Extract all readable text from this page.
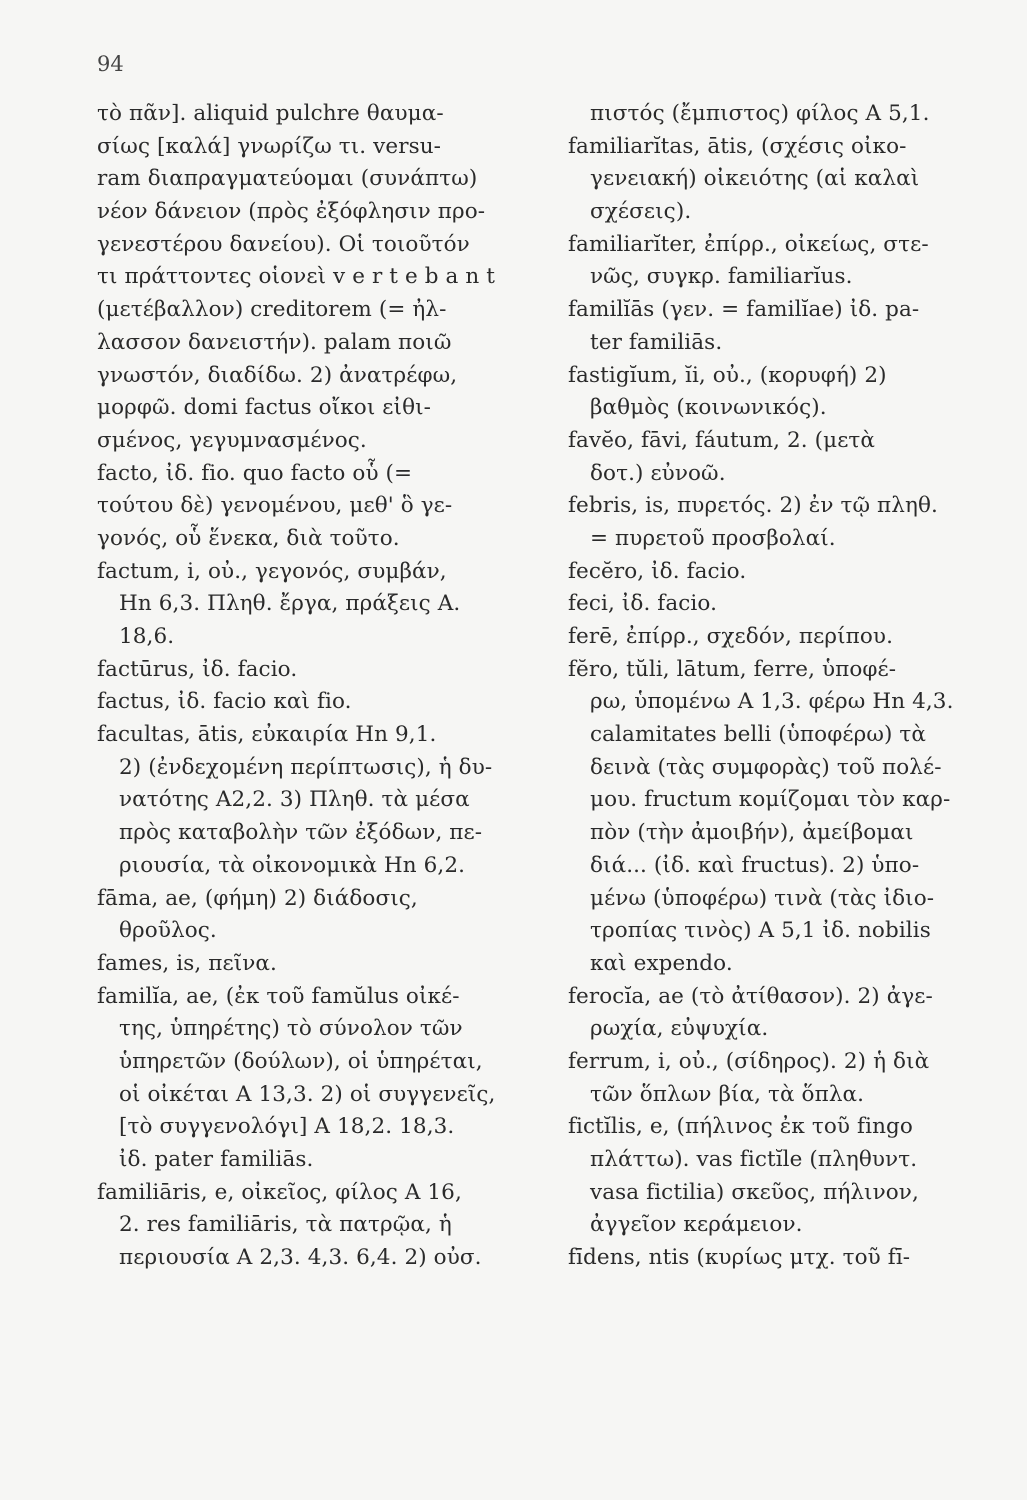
94
τὸ πᾶν]. aliquid pulchre θαυμα-
σίως [καλά] γνωρίζω τι. versu-
ram διαπραγματεύομαι (συνάπτω)
νέον δάνειον (πρὸς ἐξόφλησιν προ-
γενεστέρου δανείου). Οἱ τοιοῦτόν
τι πράττοντες οἱονεὶ v e r t e b a n t
(μετέβαλλον) creditorem (= ἠλ-
λασσον δανειστήν). palam ποιῶ
γνωστόν, διαδίδω. 2) ἀνατρέφω,
μορφῶ. domi factus οἴκοι εἰθι-
σμένος, γεγυμνασμένος.
facto, ἰδ. fio. quo facto οὗ (=
τούτου δὲ) γενομένου, μεθ' ὃ γε-
γονός, οὗ ἕνεκα, διὰ τοῦτο.
factum, i, οὐ., γεγονός, συμβάν,
Hn 6,3. Πληθ. ἔργα, πράξεις A.
18,6.
factūrus, ἰδ. facio.
factus, ἰδ. facio καὶ fio.
facultas, ātis, εὐκαιρία Hn 9,1.
2) (ἐνδεχομένη περίπτωσις), ἡ δυ-
νατότης A2,2. 3) Πληθ. τὰ μέσα
πρὸς καταβολὴν τῶν ἐξόδων, πε-
ριουσία, τὰ οἰκονομικὰ Hn 6,2.
fāma, ae, (φήμη) 2) διάδοσις,
θροῦλος.
fames, is, πεῖνα.
familĭa, ae, (ἐκ τοῦ famŭlus οἰκέ-
της, ὑπηρέτης) τὸ σύνολον τῶν
ὑπηρετῶν (δούλων), οἱ ὑπηρέται,
οἱ οἰκέται A 13,3. 2) οἱ συγγενεῖς,
[τὸ συγγενολόγι] A 18,2. 18,3.
ἰδ. pater familiās.
familiāris, e, οἰκεῖος, φίλος A 16,
2. res familiāris, τὰ πατρῷα, ἡ
περιουσία A 2,3. 4,3. 6,4. 2) οὐσ.
πιστός (ἔμπιστος) φίλος A 5,1.
familiarĭtas, ātis, (σχέσις οἰκο-
γενειακή) οἰκειότης (αἱ καλαὶ
σχέσεις).
familiarĭter, ἐπίρρ., οἰκείως, στε-
νῶς, συγκρ. familiarĭus.
familĭās (γεν. = familĭae) ἰδ. pa-
ter familiās.
fastigĭum, ĭi, οὐ., (κορυφή) 2)
βαθμὸς (κοινωνικός).
favĕo, fāvi, fáutum, 2. (μετὰ
δοτ.) εὐνοῶ.
febris, is, πυρετός. 2) ἐν τῷ πληθ.
= πυρετοῦ προσβολαί.
fecĕro, ἰδ. facio.
feci, ἰδ. facio.
ferē, ἐπίρρ., σχεδόν, περίπου.
fĕro, tŭli, lātum, ferre, ὑποφέ-
ρω, ὑπομένω A 1,3. φέρω Hn 4,3.
calamitates belli (ὑποφέρω) τὰ
δεινὰ (τὰς συμφορὰς) τοῦ πολέ-
μου. fructum κομίζομαι τὸν καρ-
πὸν (τὴν ἀμοιβήν), ἀμείβομαι
διά... (ἰδ. καὶ fructus). 2) ὑπο-
μένω (ὑποφέρω) τινὰ (τὰς ἰδιο-
τροπίας τινὸς) A 5,1 ἰδ. nobilis
καὶ expendo.
ferocĭa, ae (τὸ ἀτίθασον). 2) ἀγε-
ρωχία, εὐψυχία.
ferrum, i, οὐ., (σίδηρος). 2) ἡ διὰ
τῶν ὅπλων βία, τὰ ὅπλα.
fictĭlis, e, (πήλινος ἐκ τοῦ fingo
πλάττω). vas fictĭle (πληθυντ.
vasa fictilia) σκεῦος, πήλινον,
ἀγγεῖον κεράμειον.
fīdens, ntis (κυρίως μτχ. τοῦ fī-
